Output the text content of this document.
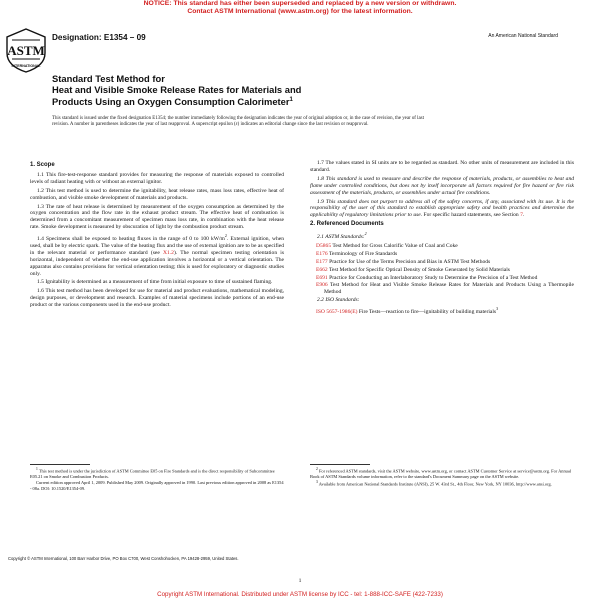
NOTICE: This standard has either been superseded and replaced by a new version or withdrawn.
Contact ASTM International (www.astm.org) for the latest information.
ASTM
INTERNATIONAL
Designation: E1354 – 09	An American National Standard
Standard Test Method for
Heat and Visible Smoke Release Rates for Materials and
Products Using an Oxygen Consumption Calorimeter$^1$
This standard is issued under the fixed designation E1354; the number immediately following the designation indicates the year of original adoption or, in the case of revision, the year of last revision. A number in parentheses indicates the year of last reapproval. A superscript epsilon (ε) indicates an editorial change since the last revision or reapproval.
1. Scope

1.1 This fire-test-response standard provides for measuring the response of materials exposed to controlled levels of radiant heating with or without an external ignitor.

1.2 This test method is used to determine the ignitability, heat release rates, mass loss rates, effective heat of combustion, and visible smoke development of materials and products.

1.3 The rate of heat release is determined by measurement of the oxygen consumption as determined by the oxygen concentration and the flow rate in the exhaust product stream. The effective heat of combustion is determined from a concomitant measurement of specimen mass loss rate, in combination with the heat release rate. Smoke development is measured by obscuration of light by the combustion product stream.

1.4 Specimens shall be exposed to heating fluxes in the range of 0 to 100 $kW/m^2$. External ignition, when used, shall be by electric spark. The value of the heating flux and the use of external ignition are to be as specified in the relevant material or performance standard (see X1.2). The normal specimen testing orientation is horizontal, independent of whether the end-use application involves a horizontal or a vertical orientation. The apparatus also contains provisions for vertical orientation testing; this is used for exploratory or diagnostic studies only.

1.5 Ignitability is determined as a measurement of time from initial exposure to time of sustained flaming.

1.6 This test method has been developed for use for material and product evaluations, mathematical modeling, design purposes, or development and research. Examples of material specimens include portions of an end-use product or the various components used in the end-use product.

1.7 The values stated in SI units are to be regarded as standard. No other units of measurement are included in this standard.

1.8 This standard is used to measure and describe the response of materials, products, or assemblies to heat and flame under controlled conditions, but does not by itself incorporate all factors required for fire hazard or fire risk assessment of the materials, products, or assemblies under actual fire conditions.

1.9 This standard does not purport to address all of the safety concerns, if any, associated with its use. It is the responsibility of the user of this standard to establish appropriate safety and health practices and determine the applicability of regulatory limitations prior to use. For specific hazard statements, see Section 7.

2. Referenced Documents

2.1 ASTM Standards:$^2$

D5865 Test Method for Gross Calorific Value of Coal and Coke
E176 Terminology of Fire Standards
E177 Practice for Use of the Terms Precision and Bias in ASTM Test Methods
E662 Test Method for Specific Optical Density of Smoke Generated by Solid Materials
E691 Practice for Conducting an Interlaboratory Study to Determine the Precision of a Test Method
E906 Test Method for Heat and Visible Smoke Release Rates for Materials and Products Using a Thermopile Method

2.2 ISO Standards:

ISO 5657-1986(E) Fire Tests—reaction to fire—ignitability of building materials$^3$

$^1$ This test method is under the jurisdiction of ASTM Committee E05 on Fire Standards and is the direct responsibility of Subcommittee E05.21 on Smoke and Combustion Products.

Current edition approved April 1, 2009. Published May 2009. Originally approved in 1990. Last previous edition approved in 2008 as E1354 - 08a. DOI: 10.1520/E1354-09.

$^2$ For referenced ASTM standards, visit the ASTM website, www.astm.org, or contact ASTM Customer Service at service@astm.org. For Annual Book of ASTM Standards volume information, refer to the standard's Document Summary page on the ASTM website.

$^3$ Available from American National Standards Institute (ANSI), 25 W. 43rd St., 4th Floor, New York, NY 10036, http://www.ansi.org.

Copyright © ASTM International, 100 Barr Harbor Drive, PO Box C700, West Conshohocken, PA 19428-2959, United States.
1
Copyright ASTM International. Distributed under ASTM license by ICC - tel: 1-888-ICC-SAFE (422-7233)
